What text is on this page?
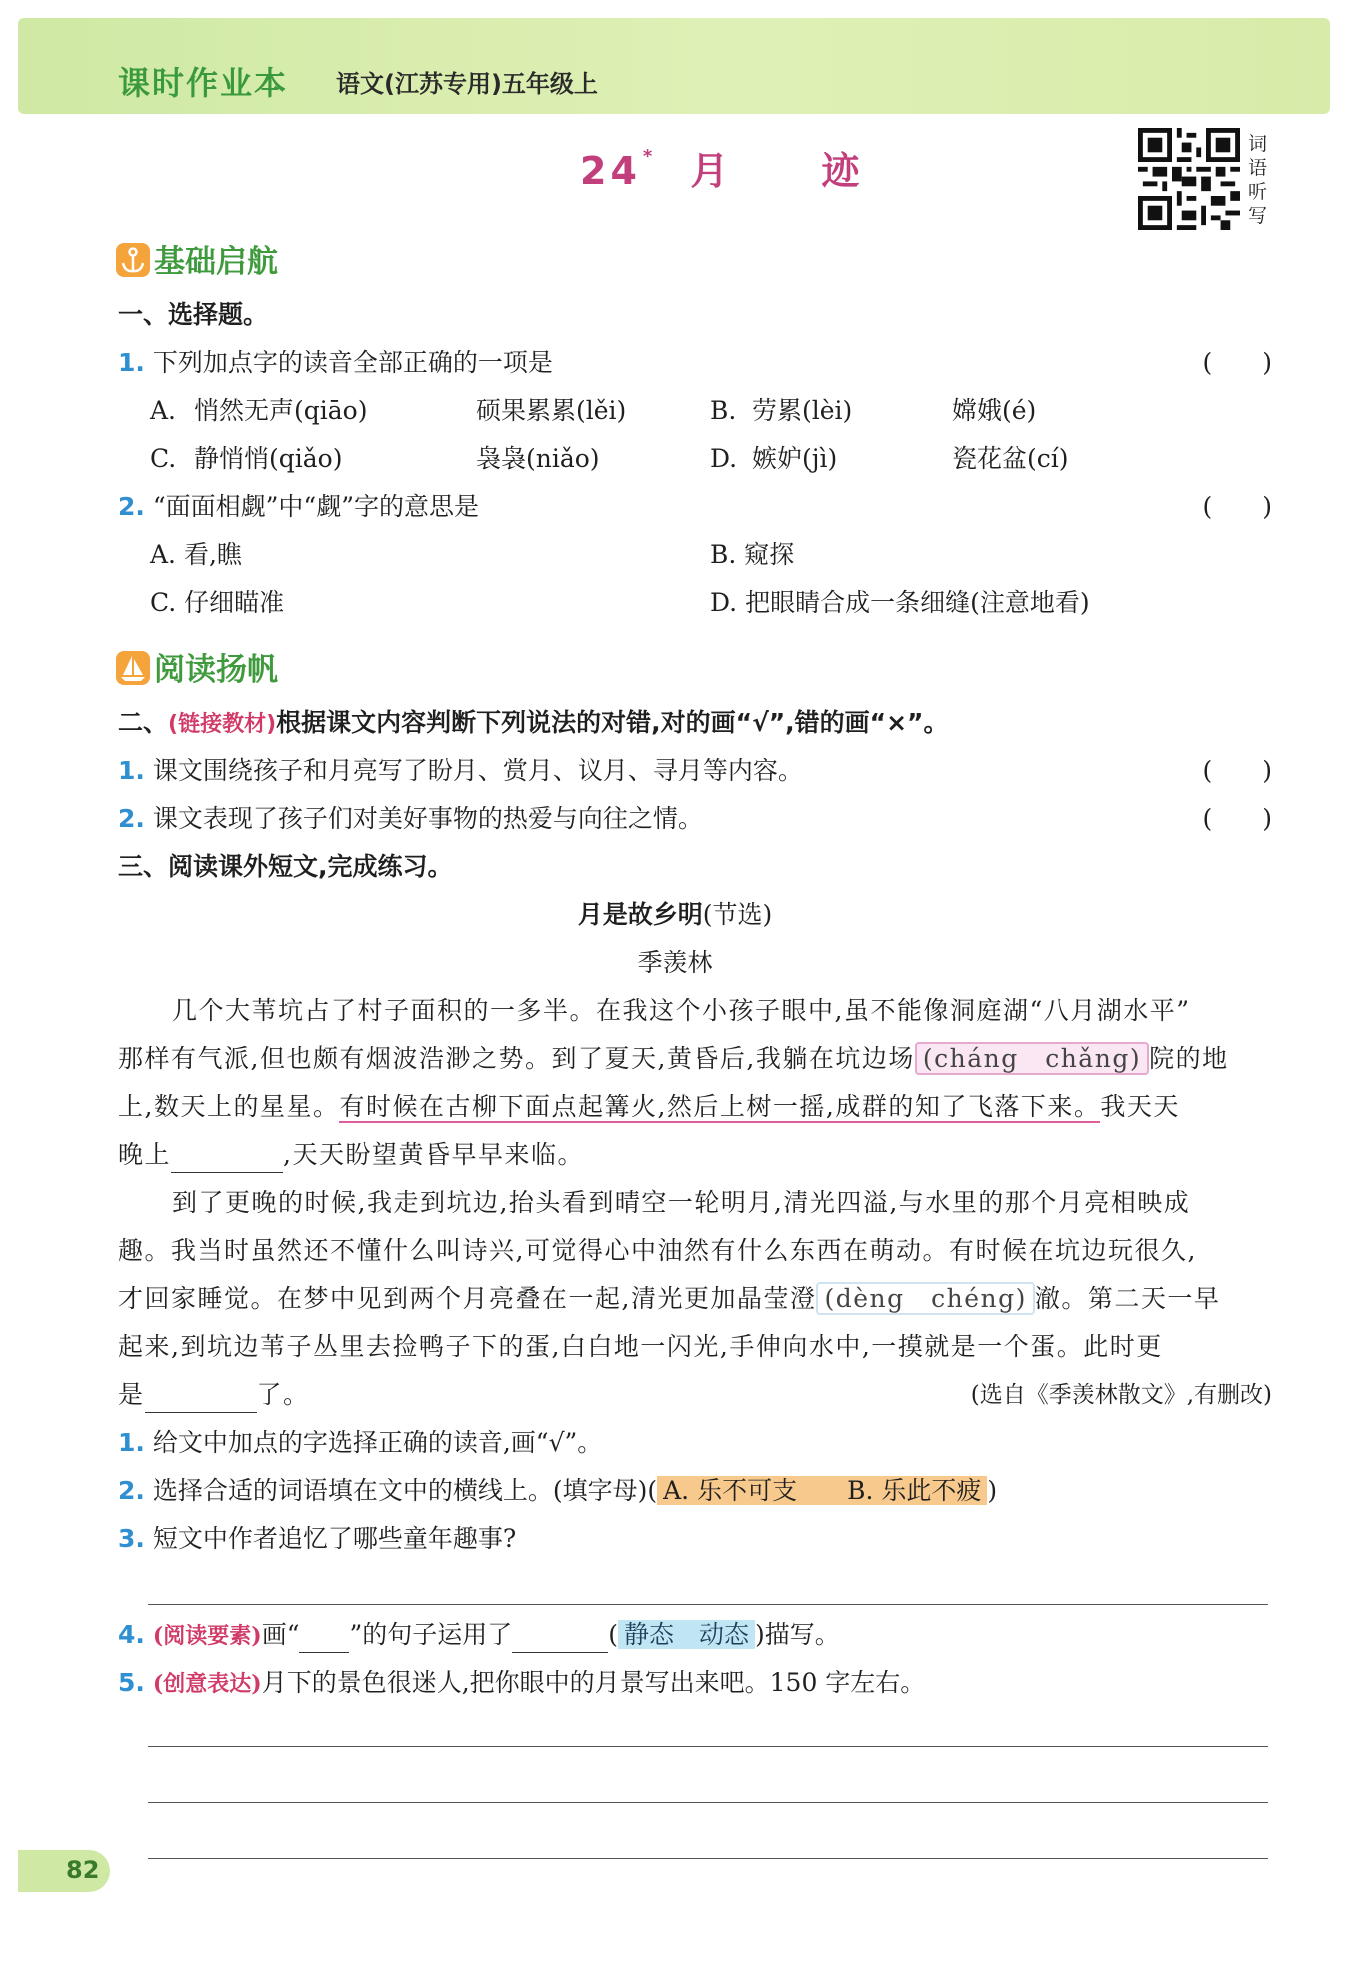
课时作业本 语文(江苏专用)五年级上
24 * 月 迹
词语听写
基础启航
一、选择题。
1. 下列加点字的读音全部正确的一项是	(　　)
A. 悄然无声(qiāo)	硕果累累(lěi)	B. 劳累(lèi)	嫦娥(é)
C. 静悄悄(qiǎo)	袅袅(niǎo)	D. 嫉妒(jì)	瓷花盆(cí)
2. “面面相觑”中“觑”字的意思是	(　　)
A. 看,瞧	B. 窥探
C. 仔细瞄准	D. 把眼睛合成一条细缝(注意地看)
阅读扬帆
二、(链接教材)根据课文内容判断下列说法的对错,对的画“√”,错的画“×”。
1. 课文围绕孩子和月亮写了盼月、赏月、议月、寻月等内容。	(　　)
2. 课文表现了孩子们对美好事物的热爱与向往之情。	(　　)
三、阅读课外短文,完成练习。
月是故乡明(节选)
季羡林
几个大苇坑占了村子面积的一多半。在我这个小孩子眼中,虽不能像洞庭湖“八月湖水平”
那样有气派,但也颇有烟波浩渺之势。到了夏天,黄昏后,我躺在坑边场 (cháng　chǎng) 院的地
上,数天上的星星。有时候在古柳下面点起篝火,然后上树一摇,成群的知了飞落下来。我天天
晚上	,天天盼望黄昏早早来临。
到了更晚的时候,我走到坑边,抬头看到晴空一轮明月,清光四溢,与水里的那个月亮相映成
趣。我当时虽然还不懂什么叫诗兴,可觉得心中油然有什么东西在萌动。有时候在坑边玩很久,
才回家睡觉。在梦中见到两个月亮叠在一起,清光更加晶莹澄 (dèng　chéng) 澈。第二天一早
起来,到坑边苇子丛里去捡鸭子下的蛋,白白地一闪光,手伸向水中,一摸就是一个蛋。此时更
是	了。	(选自《季羡林散文》,有删改)
1. 给文中加点的字选择正确的读音,画“√”。
2. 选择合适的词语填在文中的横线上。(填字母)( A. 乐不可支　　B. 乐此不疲 )
3. 短文中作者追忆了哪些童年趣事?
4. (阅读要素)画“ ”的句子运用了	( 静态　动态 )描写。
5. (创意表达)月下的景色很迷人,把你眼中的月景写出来吧。150 字左右。
82
